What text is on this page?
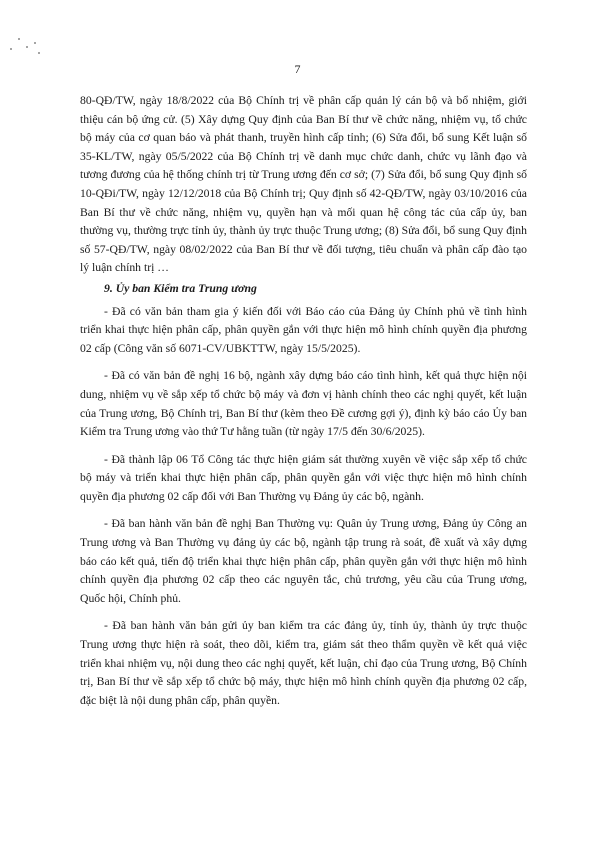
7

80-QĐ/TW, ngày 18/8/2022 của Bộ Chính trị về phân cấp quản lý cán bộ và bổ nhiệm, giới thiệu cán bộ ứng cử. (5) Xây dựng Quy định của Ban Bí thư về chức năng, nhiệm vụ, tổ chức bộ máy của cơ quan báo và phát thanh, truyền hình cấp tỉnh; (6) Sửa đổi, bổ sung Kết luận số 35-KL/TW, ngày 05/5/2022 của Bộ Chính trị về danh mục chức danh, chức vụ lãnh đạo và tương đương của hệ thống chính trị từ Trung ương đến cơ sở; (7) Sửa đổi, bổ sung Quy định số 10-QĐi/TW, ngày 12/12/2018 của Bộ Chính trị; Quy định số 42-QĐ/TW, ngày 03/10/2016 của Ban Bí thư về chức năng, nhiệm vụ, quyền hạn và mối quan hệ công tác của cấp ủy, ban thường vụ, thường trực tỉnh ủy, thành ủy trực thuộc Trung ương; (8) Sửa đổi, bổ sung Quy định số 57-QĐ/TW, ngày 08/02/2022 của Ban Bí thư về đối tượng, tiêu chuẩn và phân cấp đào tạo lý luận chính trị …

9. Ủy ban Kiểm tra Trung ương

- Đã có văn bản tham gia ý kiến đối với Báo cáo của Đảng ủy Chính phủ về tình hình triển khai thực hiện phân cấp, phân quyền gắn với thực hiện mô hình chính quyền địa phương 02 cấp (Công văn số 6071-CV/UBKTTW, ngày 15/5/2025).

- Đã có văn bản đề nghị 16 bộ, ngành xây dựng báo cáo tình hình, kết quả thực hiện nội dung, nhiệm vụ về sắp xếp tổ chức bộ máy và đơn vị hành chính theo các nghị quyết, kết luận của Trung ương, Bộ Chính trị, Ban Bí thư (kèm theo Đề cương gợi ý), định kỳ báo cáo Ủy ban Kiểm tra Trung ương vào thứ Tư hằng tuần (từ ngày 17/5 đến 30/6/2025).

- Đã thành lập 06 Tổ Công tác thực hiện giám sát thường xuyên về việc sắp xếp tổ chức bộ máy và triển khai thực hiện phân cấp, phân quyền gắn với việc thực hiện mô hình chính quyền địa phương 02 cấp đối với Ban Thường vụ Đảng ủy các bộ, ngành.

- Đã ban hành văn bản đề nghị Ban Thường vụ: Quân ủy Trung ương, Đảng ủy Công an Trung ương và Ban Thường vụ đảng ủy các bộ, ngành tập trung rà soát, đề xuất và xây dựng báo cáo kết quả, tiến độ triển khai thực hiện phân cấp, phân quyền gắn với thực hiện mô hình chính quyền địa phương 02 cấp theo các nguyên tắc, chủ trương, yêu cầu của Trung ương, Quốc hội, Chính phủ.

- Đã ban hành văn bản gửi ủy ban kiểm tra các đảng ủy, tỉnh ủy, thành ủy trực thuộc Trung ương thực hiện rà soát, theo dõi, kiểm tra, giám sát theo thẩm quyền về kết quả việc triển khai nhiệm vụ, nội dung theo các nghị quyết, kết luận, chỉ đạo của Trung ương, Bộ Chính trị, Ban Bí thư về sắp xếp tổ chức bộ máy, thực hiện mô hình chính quyền địa phương 02 cấp, đặc biệt là nội dung phân cấp, phân quyền.
